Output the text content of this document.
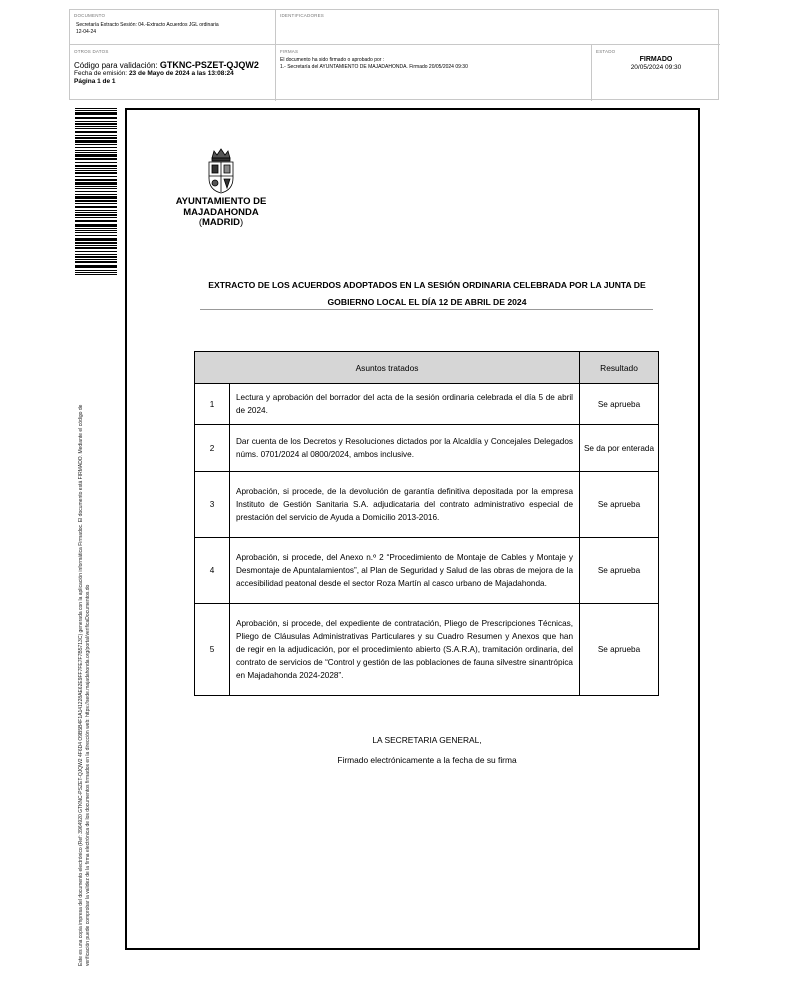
DOCUMENTO
Secretaría Extracto Sesión: 04.-Extracto Acuerdos JGL ordinaria
12-04-24
IDENTIFICADORES
OTROS DATOS
Código para validación: GTKNC-PSZET-QJQW2
Fecha de emisión: 23 de Mayo de 2024 a las 13:08:24
Página 1 de 1
FIRMAS
El documento ha sido firmado o aprobado por :
1.- Secretaría del AYUNTAMIENTO DE MAJADAHONDA. Firmado 20/05/2024 09:30
ESTADO
FIRMADO
20/05/2024 09:30
Este es una copia impresa del documento electrónico (Ref: 3964920 GTKNC-PSZET-QJQW2 4F6D4 O9B5B4F1A141228AE62E9FF7FE7F7B5713C) generada con la aplicación informática Firmadoc. El documento está FIRMADO. Mediante el código de verificación puede comprobar la validez de la firma electrónica de los documentos firmados en la dirección web: https://sede.majadahonda.org/portal/verificaDocumentos.do
AYUNTAMIENTO DE
MAJADAHONDA
(MADRID)
EXTRACTO DE LOS ACUERDOS ADOPTADOS EN LA SESIÓN ORDINARIA CELEBRADA POR LA JUNTA DE
GOBIERNO LOCAL EL DÍA 12 DE ABRIL DE 2024
Asuntos tratados		Resultado
1	Lectura y aprobación del borrador del acta de la sesión ordinaria celebrada el día 5 de abril de 2024.	Se aprueba
2	Dar cuenta de los Decretos y Resoluciones dictados por la Alcaldía y Concejales Delegados núms. 0701/2024 al 0800/2024, ambos inclusive.	Se da por enterada
3	Aprobación, si procede, de la devolución de garantía definitiva depositada por la empresa Instituto de Gestión Sanitaria S.A. adjudicataria del contrato administrativo especial de prestación del servicio de Ayuda a Domicilio 2013-2016.	Se aprueba
4	Aprobación, si procede, del Anexo n.º 2 “Procedimiento de Montaje de Cables y Montaje y Desmontaje de Apuntalamientos”, al Plan de Seguridad y Salud de las obras de mejora de la accesibilidad peatonal desde el sector Roza Martín al casco urbano de Majadahonda.	Se aprueba
5	Aprobación, si procede, del expediente de contratación, Pliego de Prescripciones Técnicas, Pliego de Cláusulas Administrativas Particulares y su Cuadro Resumen y Anexos que han de regir en la adjudicación, por el procedimiento abierto (S.A.R.A), tramitación ordinaria, del contrato de servicios de “Control y gestión de las poblaciones de fauna silvestre sinantrópica en Majadahonda 2024-2028”.	Se aprueba
LA SECRETARIA GENERAL,
Firmado electrónicamente a la fecha de su firma
